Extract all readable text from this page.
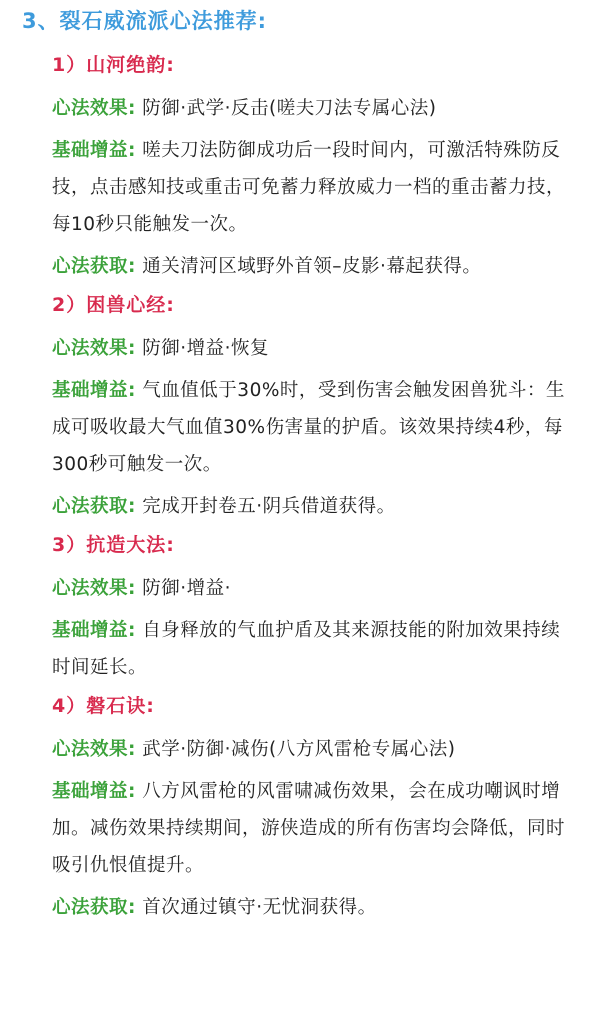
3、裂石威流派心法推荐:
1）山河绝韵:
心法效果: 防御·武学·反击(嗟夫刀法专属心法)
基础增益: 嗟夫刀法防御成功后一段时间内，可激活特殊防反技，点击感知技或重击可免蓄力释放威力一档的重击蓄力技，每10秒只能触发一次。
心法获取: 通关清河区域野外首领–皮影·幕起获得。
2）困兽心经:
心法效果: 防御·增益·恢复
基础增益: 气血值低于30%时，受到伤害会触发困兽犹斗：生成可吸收最大气血值30%伤害量的护盾。该效果持续4秒，每300秒可触发一次。
心法获取: 完成开封卷五·阴兵借道获得。
3）抗造大法:
心法效果: 防御·增益·
基础增益: 自身释放的气血护盾及其来源技能的附加效果持续时间延长。
4）磐石诀:
心法效果: 武学·防御·减伤(八方风雷枪专属心法)
基础增益: 八方风雷枪的风雷啸减伤效果，会在成功嘲讽时增加。减伤效果持续期间，游侠造成的所有伤害均会降低，同时吸引仇恨值提升。
心法获取: 首次通过镇守·无忧洞获得。
